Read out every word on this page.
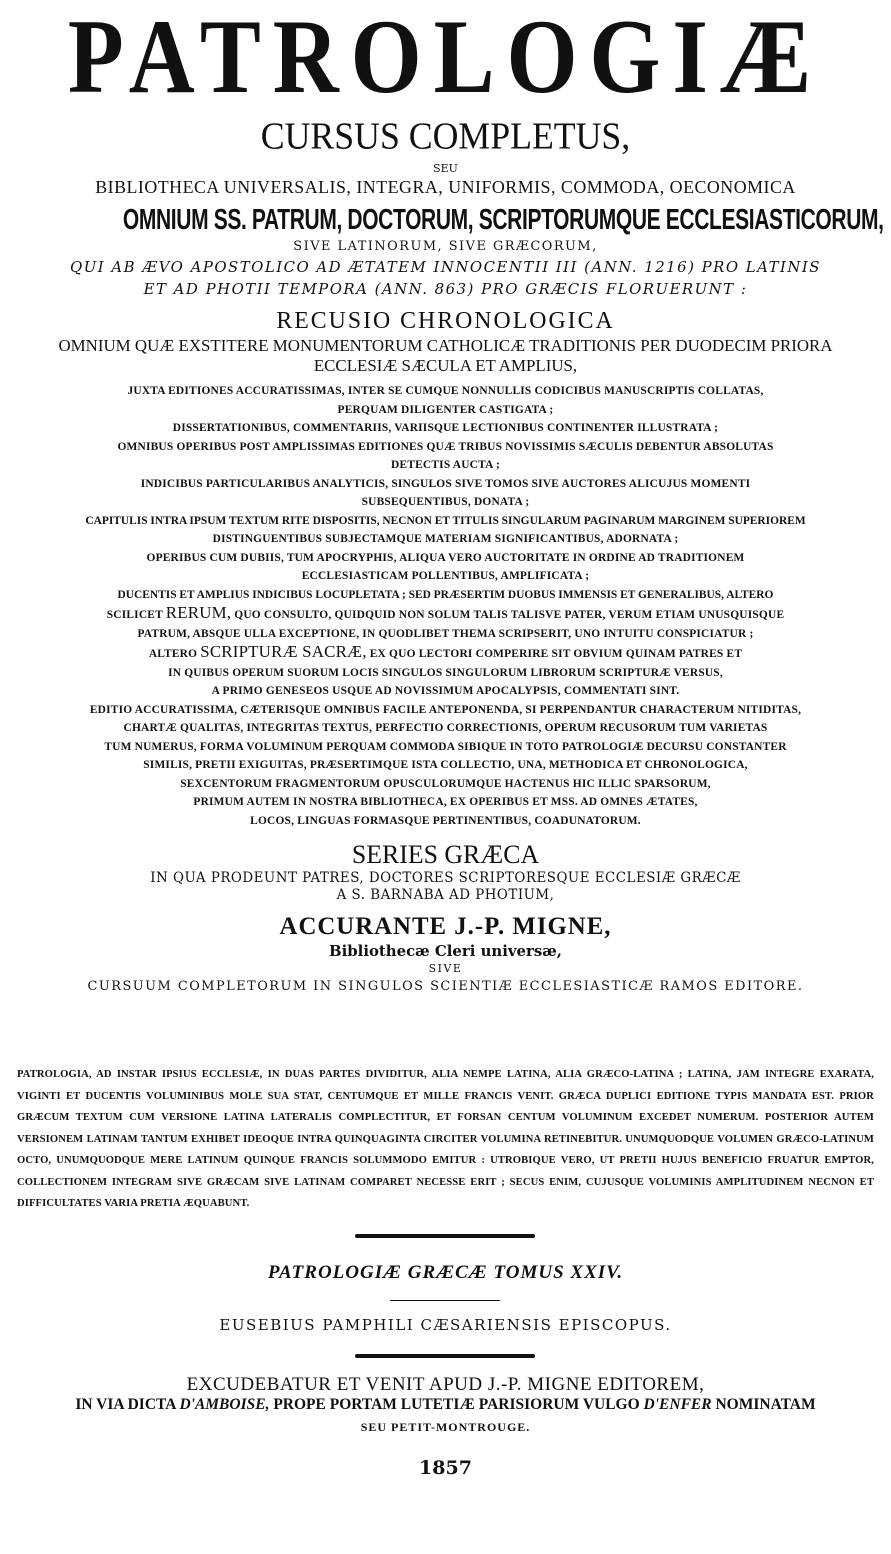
PATROLOGIÆ
CURSUS COMPLETUS,
SEU
BIBLIOTHECA UNIVERSALIS, INTEGRA, UNIFORMIS, COMMODA, OECONOMICA
OMNIUM SS. PATRUM, DOCTORUM, SCRIPTORUMQUE ECCLESIASTICORUM,
SIVE LATINORUM, SIVE GRÆCORUM,
QUI AB ÆVO APOSTOLICO AD ÆTATEM INNOCENTII III (ANN. 1216) PRO LATINIS
ET AD PHOTII TEMPORA (ANN. 863) PRO GRÆCIS FLORUERUNT :
RECUSIO CHRONOLOGICA
OMNIUM QUÆ EXSTITERE MONUMENTORUM CATHOLICÆ TRADITIONIS PER DUODECIM PRIORA
ECCLESIÆ SÆCULA ET AMPLIUS,
JUXTA EDITIONES ACCURATISSIMAS, INTER SE CUMQUE NONNULLIS CODICIBUS MANUSCRIPTIS COLLATAS,
PERQUAM DILIGENTER CASTIGATA ;
DISSERTATIONIBUS, COMMENTARIIS, VARIISQUE LECTIONIBUS CONTINENTER ILLUSTRATA ;
OMNIBUS OPERIBUS POST AMPLISSIMAS EDITIONES QUÆ TRIBUS NOVISSIMIS SÆCULIS DEBENTUR ABSOLUTAS
DETECTIS AUCTA ;
INDICIBUS PARTICULARIBUS ANALYTICIS, SINGULOS SIVE TOMOS SIVE AUCTORES ALICUJUS MOMENTI
SUBSEQUENTIBUS, DONATA ;
CAPITULIS INTRA IPSUM TEXTUM RITE DISPOSITIS, NECNON ET TITULIS SINGULARUM PAGINARUM MARGINEM SUPERIOREM
DISTINGUENTIBUS SUBJECTAMQUE MATERIAM SIGNIFICANTIBUS, ADORNATA ;
OPERIBUS CUM DUBIIS, TUM APOCRYPHIS, ALIQUA VERO AUCTORITATE IN ORDINE AD TRADITIONEM
ECCLESIASTICAM POLLENTIBUS, AMPLIFICATA ;
DUCENTIS ET AMPLIUS INDICIBUS LOCUPLETATA ; SED PRÆSERTIM DUOBUS IMMENSIS ET GENERALIBUS, ALTERO
SCILICET RERUM, QUO CONSULTO, QUIDQUID NON SOLUM TALIS TALISVE PATER, VERUM ETIAM UNUSQUISQUE
PATRUM, ABSQUE ULLA EXCEPTIONE, IN QUODLIBET THEMA SCRIPSERIT, UNO INTUITU CONSPICIATUR ;
ALTERO SCRIPTURÆ SACRÆ, EX QUO LECTORI COMPERIRE SIT OBVIUM QUINAM PATRES ET
IN QUIBUS OPERUM SUORUM LOCIS SINGULOS SINGULORUM LIBRORUM SCRIPTURÆ VERSUS,
A PRIMO GENESEOS USQUE AD NOVISSIMUM APOCALYPSIS, COMMENTATI SINT.
EDITIO ACCURATISSIMA, CÆTERISQUE OMNIBUS FACILE ANTEPONENDA, SI PERPENDANTUR CHARACTERUM NITIDITAS,
CHARTÆ QUALITAS, INTEGRITAS TEXTUS, PERFECTIO CORRECTIONIS, OPERUM RECUSORUM TUM VARIETAS
TUM NUMERUS, FORMA VOLUMINUM PERQUAM COMMODA SIBIQUE IN TOTO PATROLOGIÆ DECURSU CONSTANTER
SIMILIS, PRETII EXIGUITAS, PRÆSERTIMQUE ISTA COLLECTIO, UNA, METHODICA ET CHRONOLOGICA,
SEXCENTORUM FRAGMENTORUM OPUSCULORUMQUE HACTENUS HIC ILLIC SPARSORUM,
PRIMUM AUTEM IN NOSTRA BIBLIOTHECA, EX OPERIBUS ET MSS. AD OMNES ÆTATES,
LOCOS, LINGUAS FORMASQUE PERTINENTIBUS, COADUNATORUM.
SERIES GRÆCA
IN QUA PRODEUNT PATRES, DOCTORES SCRIPTORESQUE ECCLESIÆ GRÆCÆ
A S. BARNABA AD PHOTIUM,
ACCURANTE J.-P. MIGNE,
Bibliothecæ Cleri universæ,
SIVE
CURSUUM COMPLETORUM IN SINGULOS SCIENTIÆ ECCLESIASTICÆ RAMOS EDITORE.
PATROLOGIA, AD INSTAR IPSIUS ECCLESIÆ, IN DUAS PARTES DIVIDITUR, ALIA NEMPE LATINA, ALIA GRÆCO-LATINA ; LATINA, JAM INTEGRE EXARATA, VIGINTI ET DUCENTIS VOLUMINIBUS MOLE SUA STAT, CENTUMQUE ET MILLE FRANCIS VENIT. GRÆCA DUPLICI EDITIONE TYPIS MANDATA EST. PRIOR GRÆCUM TEXTUM CUM VERSIONE LATINA LATERALIS COMPLECTITUR, ET FORSAN CENTUM VOLUMINUM EXCEDET NUMERUM. POSTERIOR AUTEM VERSIONEM LATINAM TANTUM EXHIBET IDEOQUE INTRA QUINQUAGINTA CIRCITER VOLUMINA RETINEBITUR. UNUMQUODQUE VOLUMEN GRÆCO-LATINUM OCTO, UNUMQUODQUE MERE LATINUM QUINQUE FRANCIS SOLUMMODO EMITUR : UTROBIQUE VERO, UT PRETII HUJUS BENEFICIO FRUATUR EMPTOR, COLLECTIONEM INTEGRAM SIVE GRÆCAM SIVE LATINAM COMPARET NECESSE ERIT ; SECUS ENIM, CUJUSQUE VOLUMINIS AMPLITUDINEM NECNON ET DIFFICULTATES VARIA PRETIA ÆQUABUNT.
PATROLOGIÆ GRÆCÆ TOMUS XXIV.
EUSEBIUS PAMPHILI CÆSARIENSIS EPISCOPUS.
EXCUDEBATUR ET VENIT APUD J.-P. MIGNE EDITOREM,
IN VIA DICTA D'AMBOISE, PROPE PORTAM LUTETIÆ PARISIORUM VULGO D'ENFER NOMINATAM
SEU PETIT-MONTROUGE.
1857
